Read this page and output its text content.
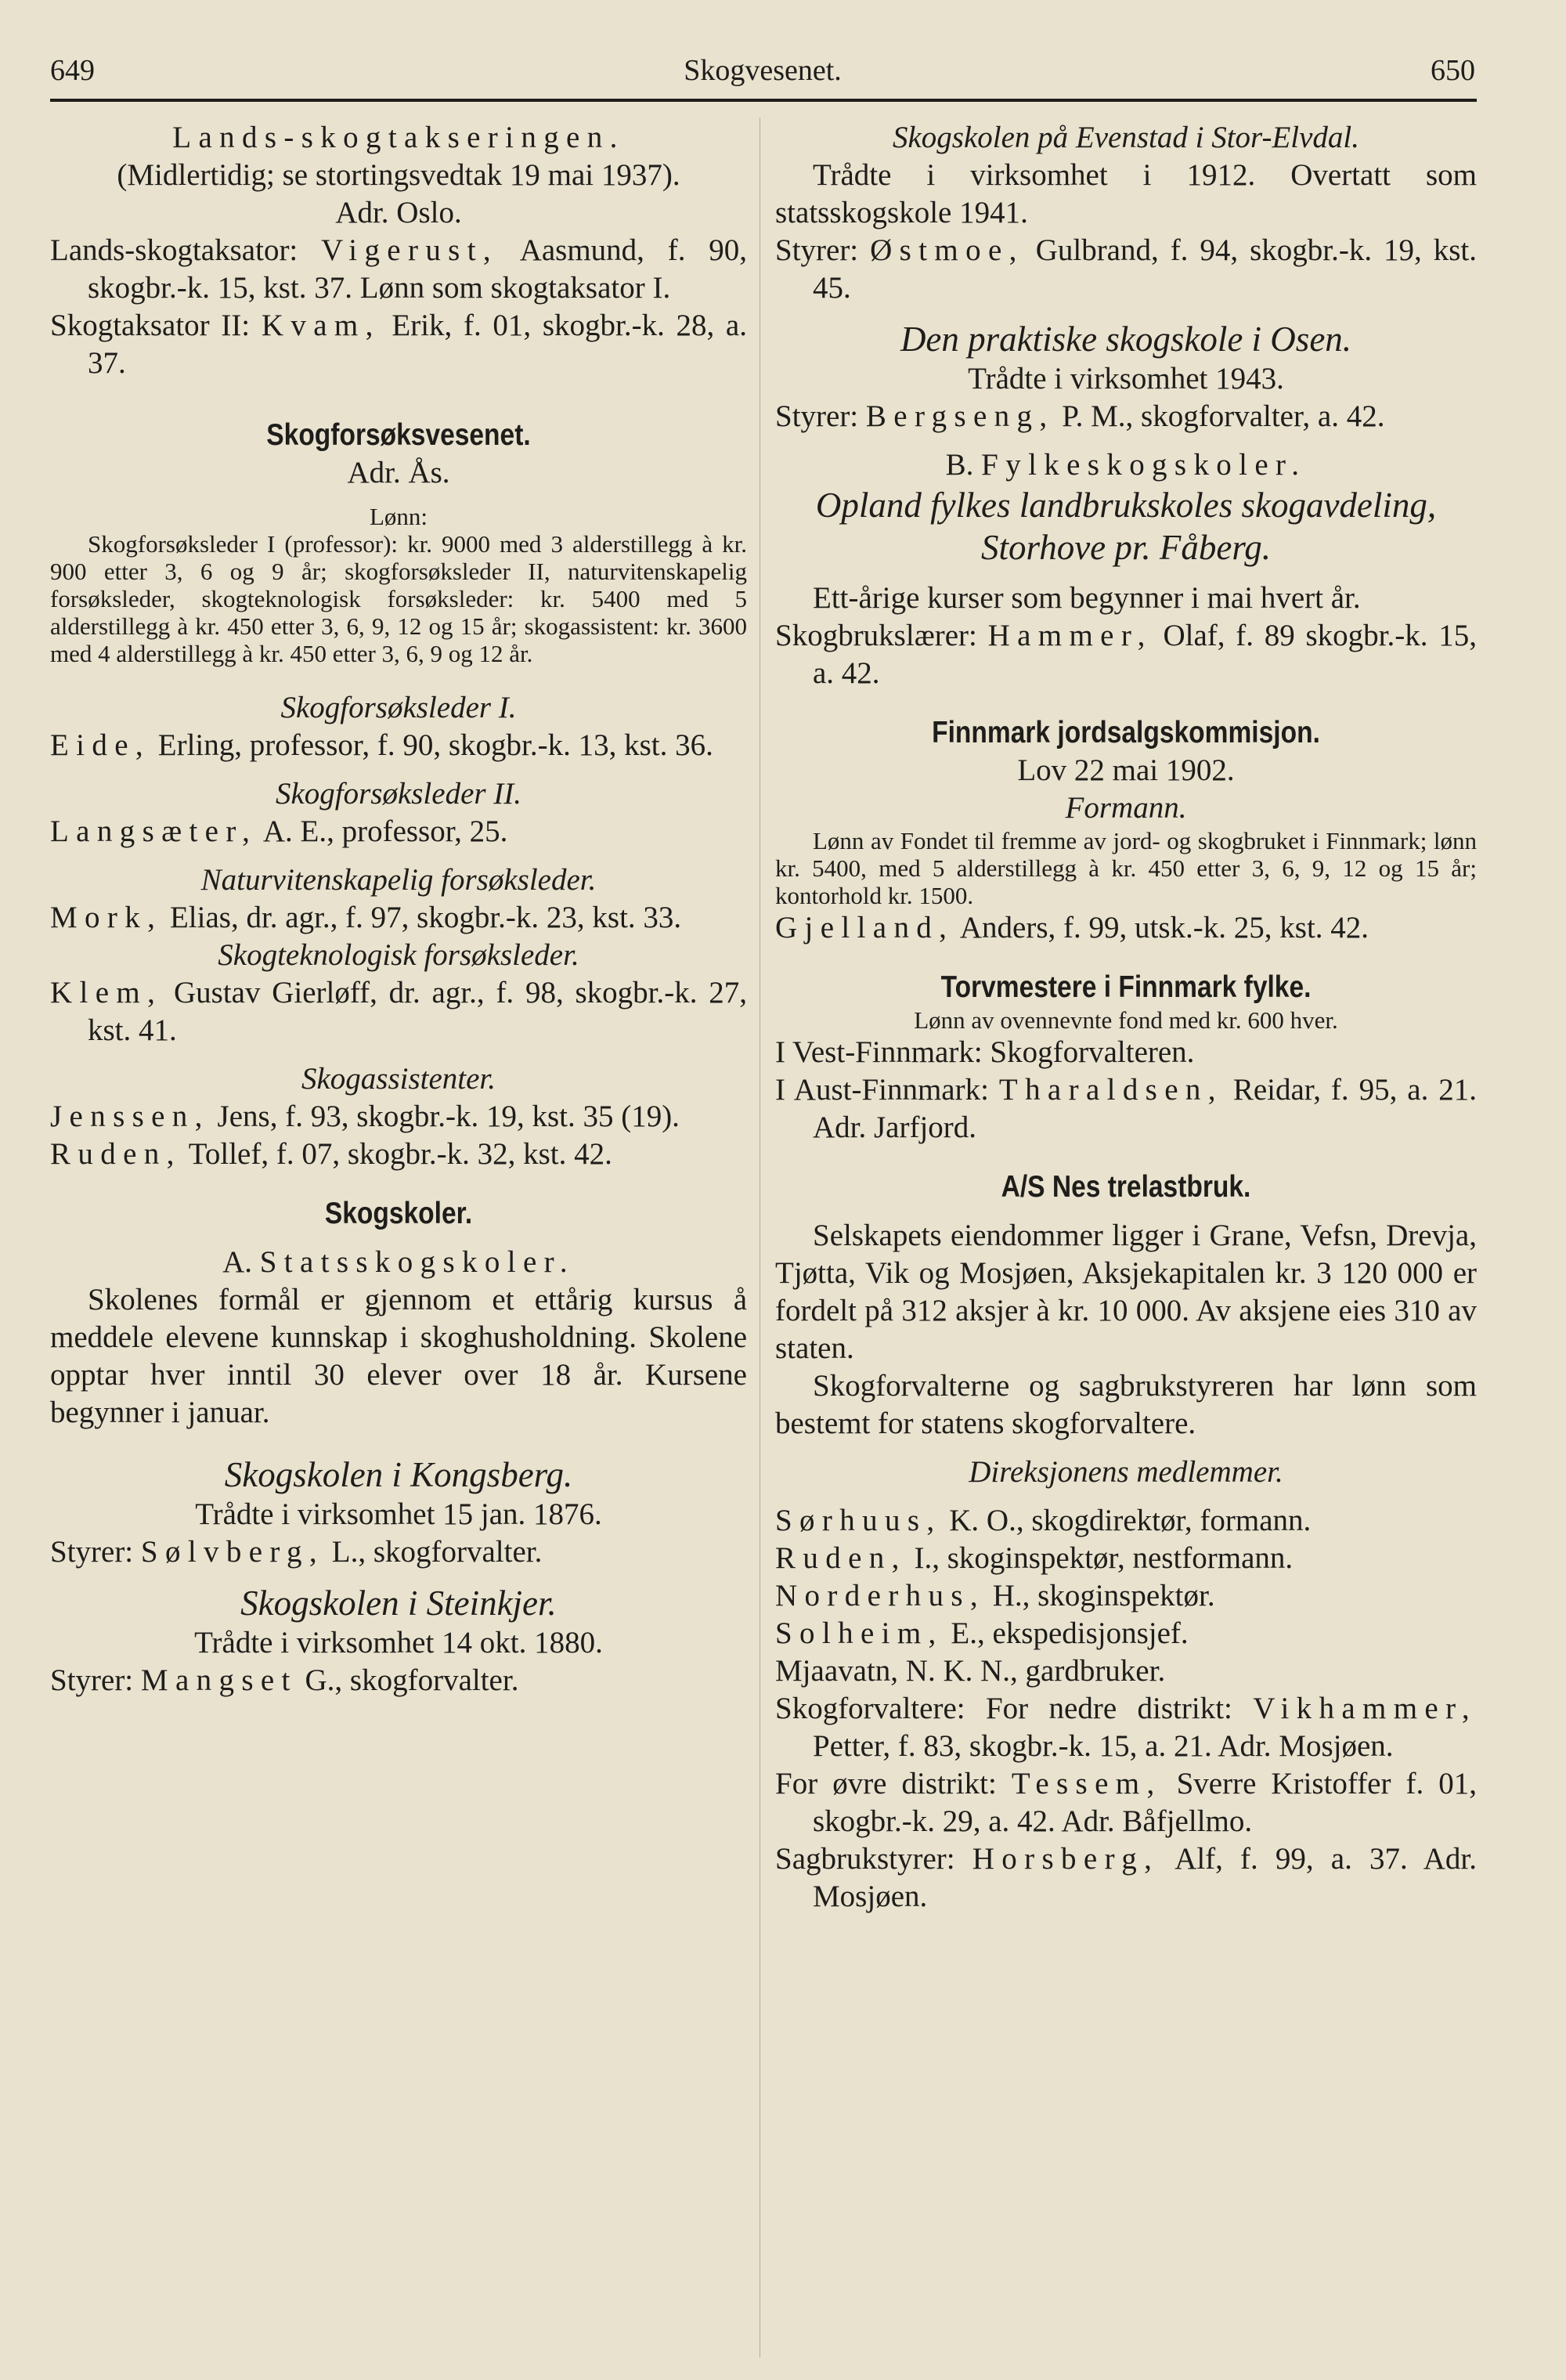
649	Skogvesenet.	650

Lands-skogtakseringen.

(Midlertidig; se stortingsvedtak 19 mai 1937).

Adr. Oslo.

Lands-skogtaksator: Vigerust, Aasmund, f. 90, skogbr.-k. 15, kst. 37. Lønn som skogtaksator I.

Skogtaksator II: Kvam, Erik, f. 01, skogbr.-k. 28, a. 37.

Skogforsøksvesenet.

Adr. Ås.

Lønn:

Skogforsøksleder I (professor): kr. 9000 med 3 alderstillegg à kr. 900 etter 3, 6 og 9 år; skogforsøksleder II, naturvitenskapelig forsøksleder, skogteknologisk forsøksleder: kr. 5400 med 5 alderstillegg à kr. 450 etter 3, 6, 9, 12 og 15 år; skogassistent: kr. 3600 med 4 alderstillegg à kr. 450 etter 3, 6, 9 og 12 år.

Skogforsøksleder I.

Eide, Erling, professor, f. 90, skogbr.-k. 13, kst. 36.

Skogforsøksleder II.

Langsæter, A. E., professor, 25.

Naturvitenskapelig forsøksleder.

Mork, Elias, dr. agr., f. 97, skogbr.-k. 23, kst. 33.

Skogteknologisk forsøksleder.

Klem, Gustav Gierløff, dr. agr., f. 98, skogbr.-k. 27, kst. 41.

Skogassistenter.

Jenssen, Jens, f. 93, skogbr.-k. 19, kst. 35 (19).

Ruden, Tollef, f. 07, skogbr.-k. 32, kst. 42.

Skogskoler.

A. Statsskogskoler.

Skolenes formål er gjennom et ettårig kursus å meddele elevene kunnskap i skoghusholdning. Skolene opptar hver inntil 30 elever over 18 år. Kursene begynner i januar.

Skogskolen i Kongsberg.

Trådte i virksomhet 15 jan. 1876.

Styrer: Sølvberg, L., skogforvalter.

Skogskolen i Steinkjer.

Trådte i virksomhet 14 okt. 1880.

Styrer: Mangset G., skogforvalter.

Skogskolen på Evenstad i Stor-Elvdal.

Trådte i virksomhet i 1912. Overtatt som statsskogskole 1941.

Styrer: Østmoe, Gulbrand, f. 94, skogbr.-k. 19, kst. 45.

Den praktiske skogskole i Osen.

Trådte i virksomhet 1943.

Styrer: Bergseng, P. M., skogforvalter, a. 42.

B. Fylkeskogskoler.

Opland fylkes landbrukskoles skogavdeling, Storhove pr. Fåberg.

Ett-årige kurser som begynner i mai hvert år.

Skogbrukslærer: Hammer, Olaf, f. 89 skogbr.-k. 15, a. 42.

Finnmark jordsalgskommisjon.

Lov 22 mai 1902.

Formann.

Lønn av Fondet til fremme av jord- og skogbruket i Finnmark; lønn kr. 5400, med 5 alderstillegg à kr. 450 etter 3, 6, 9, 12 og 15 år; kontorhold kr. 1500.

Gjelland, Anders, f. 99, utsk.-k. 25, kst. 42.

Torvmestere i Finnmark fylke.

Lønn av ovennevnte fond med kr. 600 hver.

I Vest-Finnmark: Skogforvalteren.

I Aust-Finnmark: Tharaldsen, Reidar, f. 95, a. 21. Adr. Jarfjord.

A/S Nes trelastbruk.

Selskapets eiendommer ligger i Grane, Vefsn, Drevja, Tjøtta, Vik og Mosjøen, Aksjekapitalen kr. 3 120 000 er fordelt på 312 aksjer à kr. 10 000. Av aksjene eies 310 av staten.

Skogforvalterne og sagbrukstyreren har lønn som bestemt for statens skogforvaltere.

Direksjonens medlemmer.

Sørhuus, K. O., skogdirektør, formann.

Ruden, I., skoginspektør, nestformann.

Norderhus, H., skoginspektør.

Solheim, E., ekspedisjonsjef.

Mjaavatn, N. K. N., gardbruker.

Skogforvaltere: For nedre distrikt: Vikhammer, Petter, f. 83, skogbr.-k. 15, a. 21. Adr. Mosjøen.

For øvre distrikt: Tessem, Sverre Kristoffer f. 01, skogbr.-k. 29, a. 42. Adr. Båfjellmo.

Sagbrukstyrer: Horsberg, Alf, f. 99, a. 37. Adr. Mosjøen.
